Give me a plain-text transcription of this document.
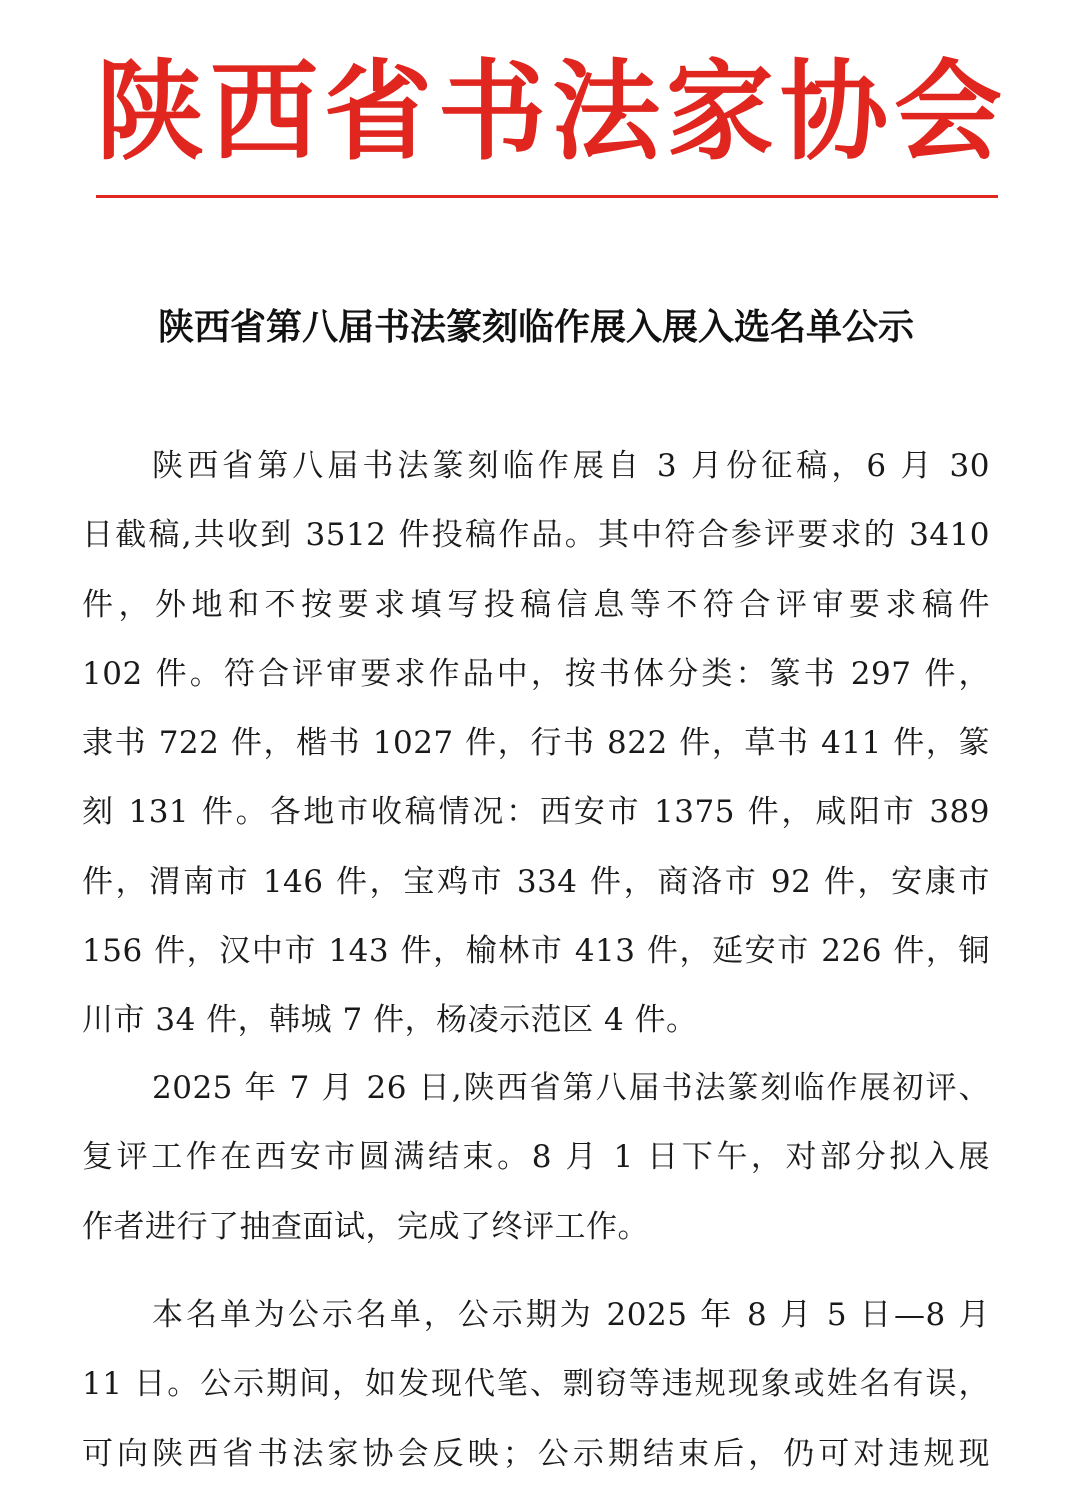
陕西省书法家协会
陕西省第八届书法篆刻临作展入展入选名单公示
陕西省第八届书法篆刻临作展自 3 月份征稿，6 月 30
日截稿,共收到 3512 件投稿作品。其中符合参评要求的 3410
件，外地和不按要求填写投稿信息等不符合评审要求稿件
102 件。符合评审要求作品中，按书体分类：篆书 297 件，
隶书 722 件，楷书 1027 件，行书 822 件，草书 411 件，篆
刻 131 件。各地市收稿情况：西安市 1375 件，咸阳市 389
件，渭南市 146 件，宝鸡市 334 件，商洛市 92 件，安康市
156 件，汉中市 143 件，榆林市 413 件，延安市 226 件，铜
川市 34 件，韩城 7 件，杨凌示范区 4 件。
2025 年 7 月 26 日,陕西省第八届书法篆刻临作展初评、
复评工作在西安市圆满结束。8 月 1 日下午，对部分拟入展
作者进行了抽查面试，完成了终评工作。
本名单为公示名单，公示期为 2025 年 8 月 5 日—8 月
11 日。公示期间，如发现代笔、剽窃等违规现象或姓名有误，
可向陕西省书法家协会反映；公示期结束后，仍可对违规现
